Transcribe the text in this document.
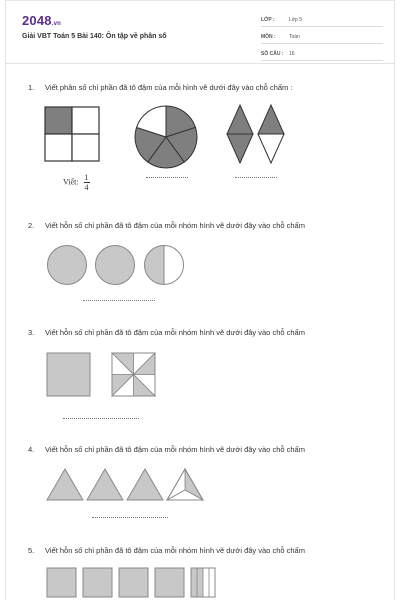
2048.vn
Giải VBT Toán 5 Bài 140: Ôn tập về phân số
LỚP :	Lớp 5
MÔN :	Toán
SỐ CÂU :	16
1. Viết phân số chỉ phần đã tô đậm của mỗi hình vẽ dưới đây vào chỗ chấm :
Viết: $\frac{1}{4}$
2. Viết hỗn số chỉ phần đã tô đậm của mỗi nhóm hình vẽ dưới đây vào chỗ chấm
3. Viết hỗn số chỉ phần đã tô đậm của mỗi nhóm hình vẽ dưới đây vào chỗ chấm
4. Viết hỗn số chỉ phần đã tô đậm của mỗi nhóm hình vẽ dưới đây vào chỗ chấm
5. Viết hỗn số chỉ phần đã tô đậm của mỗi nhóm hình vẽ dưới đây vào chỗ chấm
